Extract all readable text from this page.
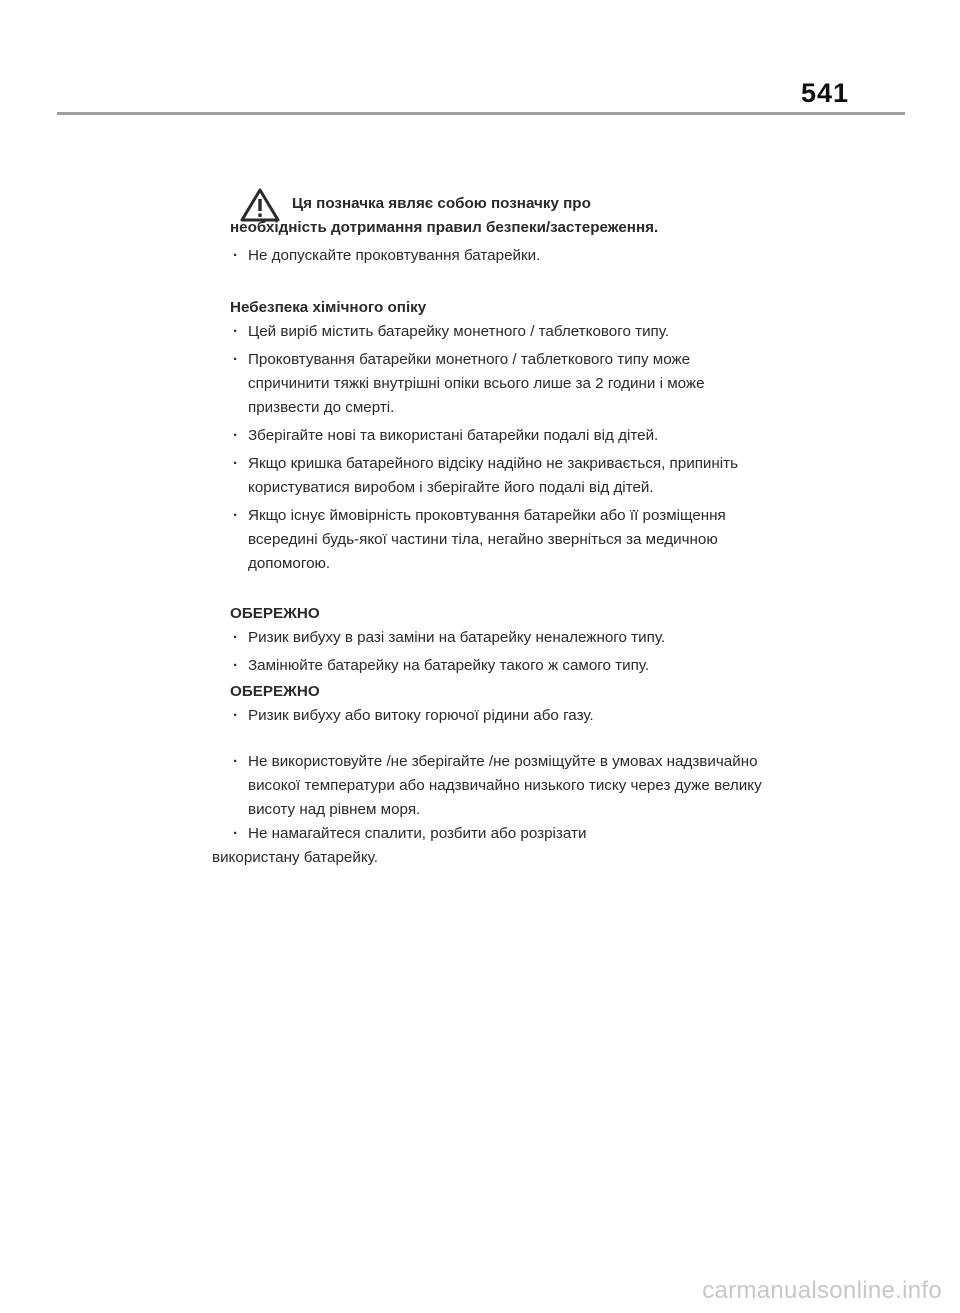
541
Ця позначка являє собою позначку про
необхідність дотримання правил безпеки/застереження.
· Не допускайте проковтування батарейки.
Небезпека хімічного опіку
· Цей виріб містить батарейку монетного / таблеткового типу.
· Проковтування батарейки монетного / таблеткового типу може спричинити тяжкі внутрішні опіки всього лише за 2 години і може призвести до смерті.
· Зберігайте нові та використані батарейки подалі від дітей.
· Якщо кришка батарейного відсіку надійно не закривається, припиніть користуватися виробом і зберігайте його подалі від дітей.
· Якщо існує ймовірність проковтування батарейки або її розміщення всередині будь-якої частини тіла, негайно зверніться за медичною допомогою.
ОБЕРЕЖНО
· Ризик вибуху в разі заміни на батарейку неналежного типу.
· Замінюйте батарейку на батарейку такого ж самого типу.
ОБЕРЕЖНО
· Ризик вибуху або витоку горючої рідини або газу.
· Не використовуйте /не зберігайте /не розміщуйте в умовах надзвичайно високої температури або надзвичайно низького тиску через дуже велику висоту над рівнем моря.
· Не намагайтеся спалити, розбити або розрізати
використану батарейку.
carmanualsonline.info
